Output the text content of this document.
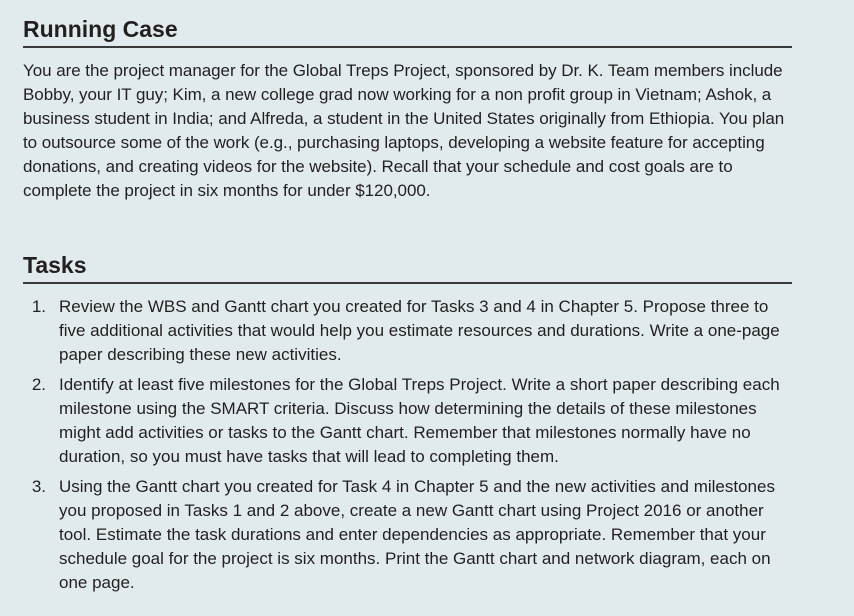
Running Case

You are the project manager for the Global Treps Project, sponsored by Dr. K. Team members include Bobby, your IT guy; Kim, a new college grad now working for a non profit group in Vietnam; Ashok, a business student in India; and Alfreda, a student in the United States originally from Ethiopia. You plan to outsource some of the work (e.g., purchasing laptops, developing a website feature for accepting donations, and creating videos for the website). Recall that your schedule and cost goals are to complete the project in six months for under $120,000.

Tasks
1. Review the WBS and Gantt chart you created for Tasks 3 and 4 in Chapter 5. Propose three to five additional activities that would help you estimate resources and durations. Write a one-page paper describing these new activities.
2. Identify at least five milestones for the Global Treps Project. Write a short paper describing each milestone using the SMART criteria. Discuss how determining the details of these milestones might add activities or tasks to the Gantt chart. Remember that milestones normally have no duration, so you must have tasks that will lead to completing them.
3. Using the Gantt chart you created for Task 4 in Chapter 5 and the new activities and milestones you proposed in Tasks 1 and 2 above, create a new Gantt chart using Project 2016 or another tool. Estimate the task durations and enter dependencies as appropriate. Remember that your schedule goal for the project is six months. Print the Gantt chart and network diagram, each on one page.
